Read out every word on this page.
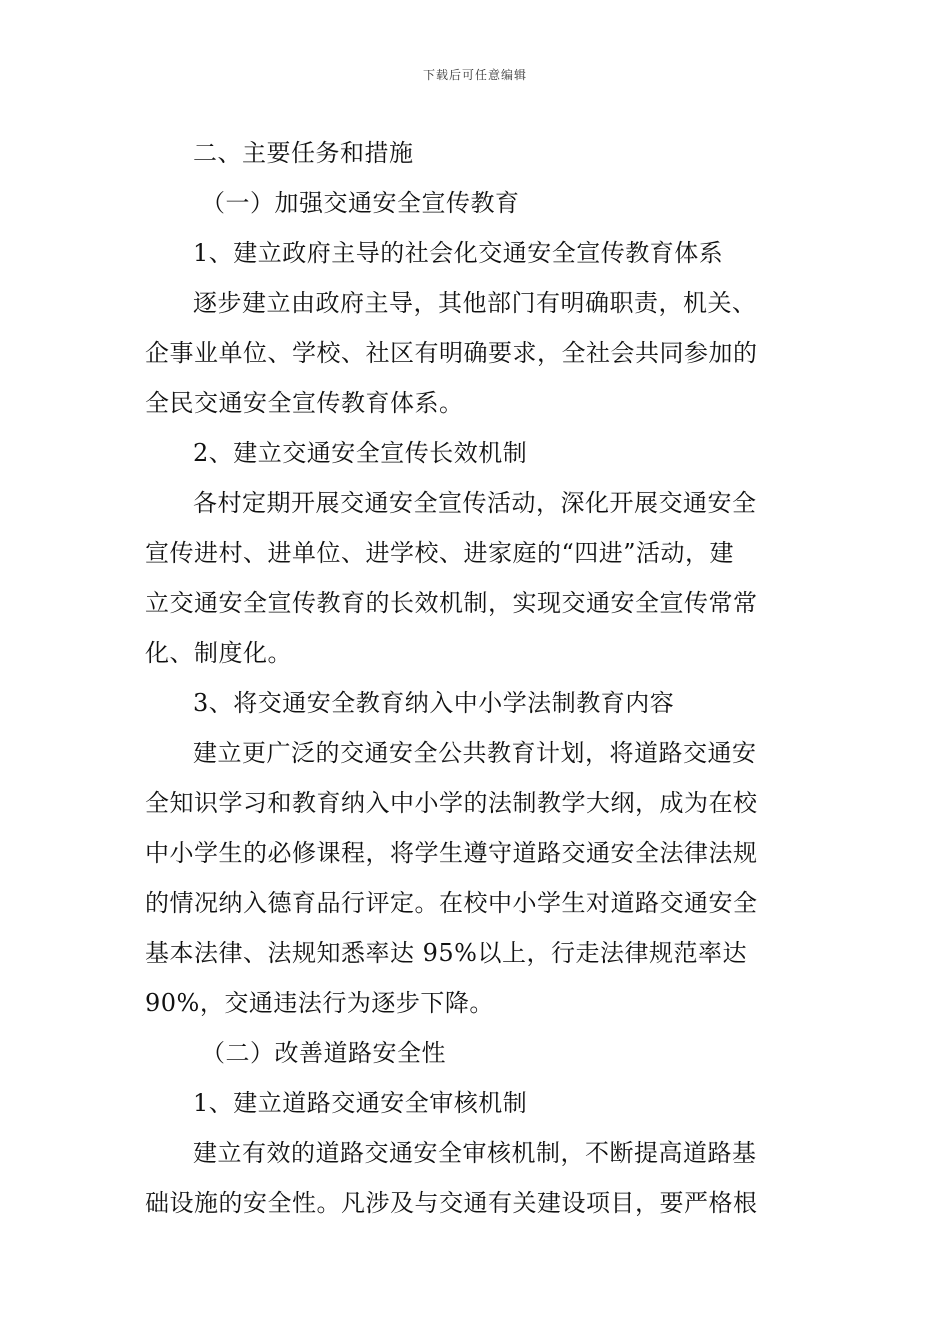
下载后可任意编辑
二、主要任务和措施
（一）加强交通安全宣传教育
1、建立政府主导的社会化交通安全宣传教育体系
逐步建立由政府主导，其他部门有明确职责，机关、
企事业单位、学校、社区有明确要求，全社会共同参加的
全民交通安全宣传教育体系。
2、建立交通安全宣传长效机制
各村定期开展交通安全宣传活动，深化开展交通安全
宣传进村、进单位、进学校、进家庭的“四进”活动，建
立交通安全宣传教育的长效机制，实现交通安全宣传常常
化、制度化。
3、将交通安全教育纳入中小学法制教育内容
建立更广泛的交通安全公共教育计划，将道路交通安
全知识学习和教育纳入中小学的法制教学大纲，成为在校
中小学生的必修课程，将学生遵守道路交通安全法律法规
的情况纳入德育品行评定。在校中小学生对道路交通安全
基本法律、法规知悉率达 95%以上，行走法律规范率达
90%，交通违法行为逐步下降。
（二）改善道路安全性
1、建立道路交通安全审核机制
建立有效的道路交通安全审核机制，不断提高道路基
础设施的安全性。凡涉及与交通有关建设项目，要严格根
